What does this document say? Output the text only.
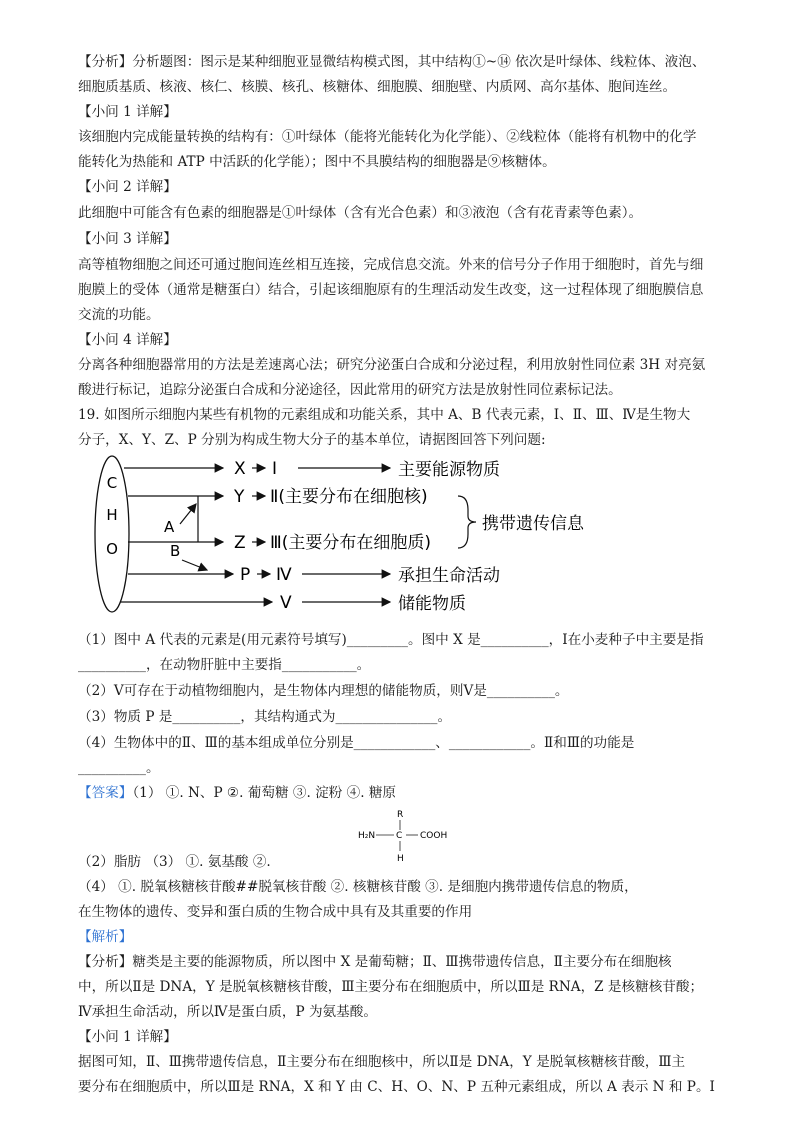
【分析】分析题图：图示是某种细胞亚显微结构模式图，其中结构①~⑭ 依次是叶绿体、线粒体、液泡、
细胞质基质、核液、核仁、核膜、核孔、核糖体、细胞膜、细胞壁、内质网、高尔基体、胞间连丝。
【小问 1 详解】
该细胞内完成能量转换的结构有：①叶绿体（能将光能转化为化学能）、②线粒体（能将有机物中的化学
能转化为热能和 ATP 中活跃的化学能）；图中不具膜结构的细胞器是⑨核糖体。
【小问 2 详解】
此细胞中可能含有色素的细胞器是①叶绿体（含有光合色素）和③液泡（含有花青素等色素）。
【小问 3 详解】
高等植物细胞之间还可通过胞间连丝相互连接，完成信息交流。外来的信号分子作用于细胞时，首先与细
胞膜上的受体（通常是糖蛋白）结合，引起该细胞原有的生理活动发生改变，这一过程体现了细胞膜信息
交流的功能。
【小问 4 详解】
分离各种细胞器常用的方法是差速离心法；研究分泌蛋白合成和分泌过程，利用放射性同位素 3H 对亮氨
酸进行标记，追踪分泌蛋白合成和分泌途径，因此常用的研究方法是放射性同位素标记法。
19. 如图所示细胞内某些有机物的元素组成和功能关系，其中 A、B 代表元素，Ⅰ、Ⅱ、Ⅲ、Ⅳ是生物大
分子，X、Y、Z、P 分别为构成生物大分子的基本单位，请据图回答下列问题:
（1）图中 A 代表的元素是(用元素符号填写)_________。图中 X 是__________，Ⅰ在小麦种子中主要是指
__________，在动物肝脏中主要指___________。
（2）Ⅴ可存在于动植物细胞内，是生物体内理想的储能物质，则Ⅴ是__________。
（3）物质 P 是__________，其结构通式为_______________。
（4）生物体中的Ⅱ、Ⅲ的基本组成单位分别是____________、____________。Ⅱ和Ⅲ的功能是
__________。
（2）脂肪 （3） ①. 氨基酸 ②.
（4） ①. 脱氧核糖核苷酸##脱氧核苷酸 ②. 核糖核苷酸 ③. 是细胞内携带遗传信息的物质，
在生物体的遗传、变异和蛋白质的生物合成中具有及其重要的作用
【分析】糖类是主要的能源物质，所以图中 X 是葡萄糖；Ⅱ、Ⅲ携带遗传信息，Ⅱ主要分布在细胞核
中，所以Ⅱ是 DNA，Y 是脱氧核糖核苷酸，Ⅲ主要分布在细胞质中，所以Ⅲ是 RNA，Z 是核糖核苷酸；
Ⅳ承担生命活动，所以Ⅳ是蛋白质，P 为氨基酸。
【小问 1 详解】
据图可知，Ⅱ、Ⅲ携带遗传信息，Ⅱ主要分布在细胞核中，所以Ⅱ是 DNA，Y 是脱氧核糖核苷酸，Ⅲ主
要分布在细胞质中，所以Ⅲ是 RNA，X 和 Y 由 C、H、O、N、P 五种元素组成，所以 A 表示 N 和 P。Ⅰ
【答案】（1） ①. N、P ②. 葡萄糖 ③. 淀粉 ④. 糖原
【解析】
C
H
O
X Ⅰ	主要能源物质
Y Ⅱ(主要分布在细胞核)
A
Z Ⅲ(主要分布在细胞质)
携带遗传信息
B
P Ⅳ	承担生命活动
Ⅴ	储能物质
R
H₂N C COOH
H
